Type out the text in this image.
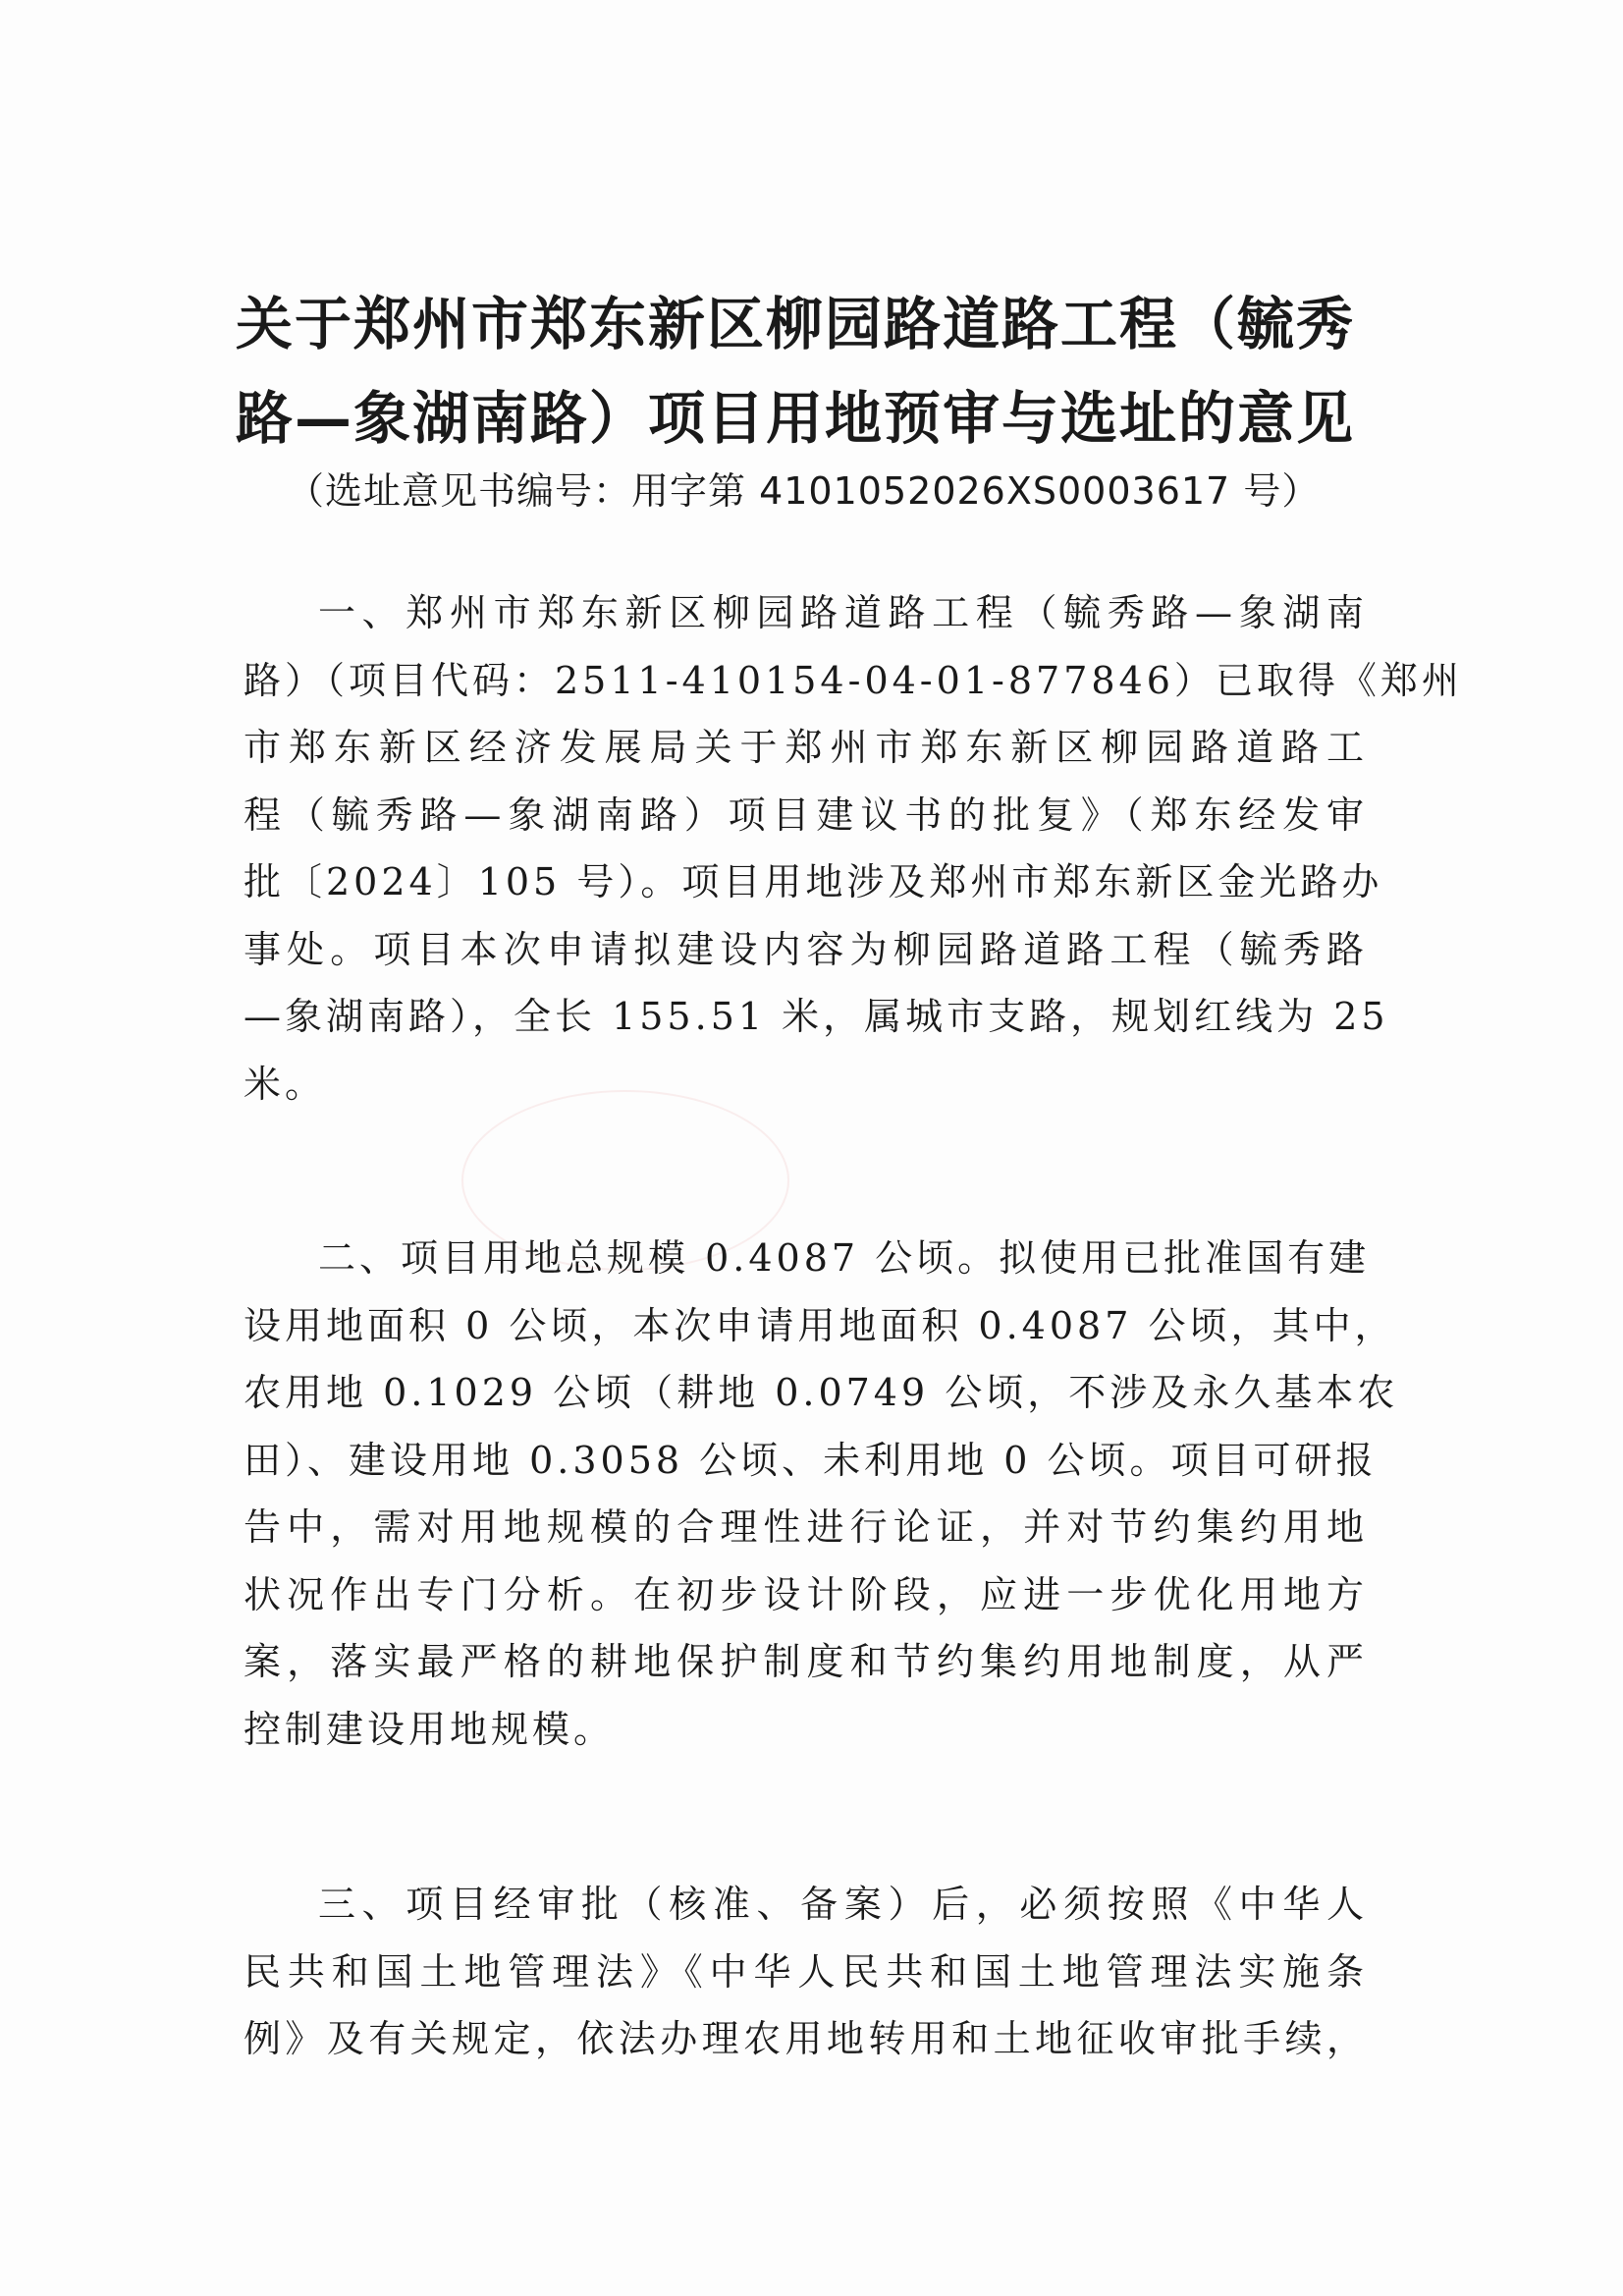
关于郑州市郑东新区柳园路道路工程（毓秀
路—象湖南路）项目用地预审与选址的意见

（选址意见书编号：用字第 4101052026XS0003617 号）

一、郑州市郑东新区柳园路道路工程（毓秀路—象湖南
路）（项目代码：2511-410154-04-01-877846）已取得《郑州
市郑东新区经济发展局关于郑州市郑东新区柳园路道路工
程（毓秀路—象湖南路）项目建议书的批复》（郑东经发审
批〔2024〕105 号）。项目用地涉及郑州市郑东新区金光路办
事处。项目本次申请拟建设内容为柳园路道路工程（毓秀路
—象湖南路），全长 155.51 米，属城市支路，规划红线为 25
米。
二、项目用地总规模 0.4087 公顷。拟使用已批准国有建
设用地面积 0 公顷，本次申请用地面积 0.4087 公顷，其中，
农用地 0.1029 公顷（耕地 0.0749 公顷，不涉及永久基本农
田）、建设用地 0.3058 公顷、未利用地 0 公顷。项目可研报
告中，需对用地规模的合理性进行论证，并对节约集约用地
状况作出专门分析。在初步设计阶段，应进一步优化用地方
案，落实最严格的耕地保护制度和节约集约用地制度，从严
控制建设用地规模。
三、项目经审批（核准、备案）后，必须按照《中华人
民共和国土地管理法》《中华人民共和国土地管理法实施条
例》及有关规定，依法办理农用地转用和土地征收审批手续，
